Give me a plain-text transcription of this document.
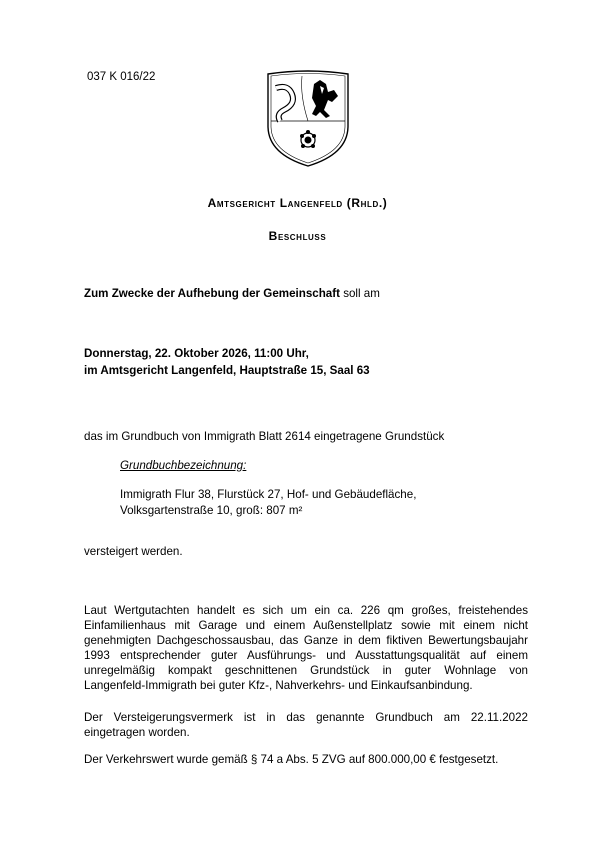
037 K 016/22
Amtsgericht Langenfeld (Rhld.)
Beschluss
Zum Zwecke der Aufhebung der Gemeinschaft soll am
Donnerstag, 22. Oktober 2026, 11:00 Uhr,
im Amtsgericht Langenfeld, Hauptstraße 15, Saal 63
das im Grundbuch von Immigrath Blatt 2614 eingetragene Grundstück
Grundbuchbezeichnung:
Immigrath Flur 38, Flurstück 27, Hof- und Gebäudefläche,
Volksgartenstraße 10, groß: 807 m²
versteigert werden.
Laut Wertgutachten handelt es sich um ein ca. 226 qm großes, freistehendes
Einfamilienhaus mit Garage und einem Außenstellplatz sowie mit einem nicht
genehmigten Dachgeschossausbau, das Ganze in dem fiktiven Bewertungsbaujahr
1993 entsprechender guter Ausführungs- und Ausstattungsqualität auf einem
unregelmäßig kompakt geschnittenen Grundstück in guter Wohnlage von
Langenfeld-Immigrath bei guter Kfz-, Nahverkehrs- und Einkaufsanbindung.
Der Versteigerungsvermerk ist in das genannte Grundbuch am 22.11.2022
eingetragen worden.
Der Verkehrswert wurde gemäß § 74 a Abs. 5 ZVG auf 800.000,00 € festgesetzt.
